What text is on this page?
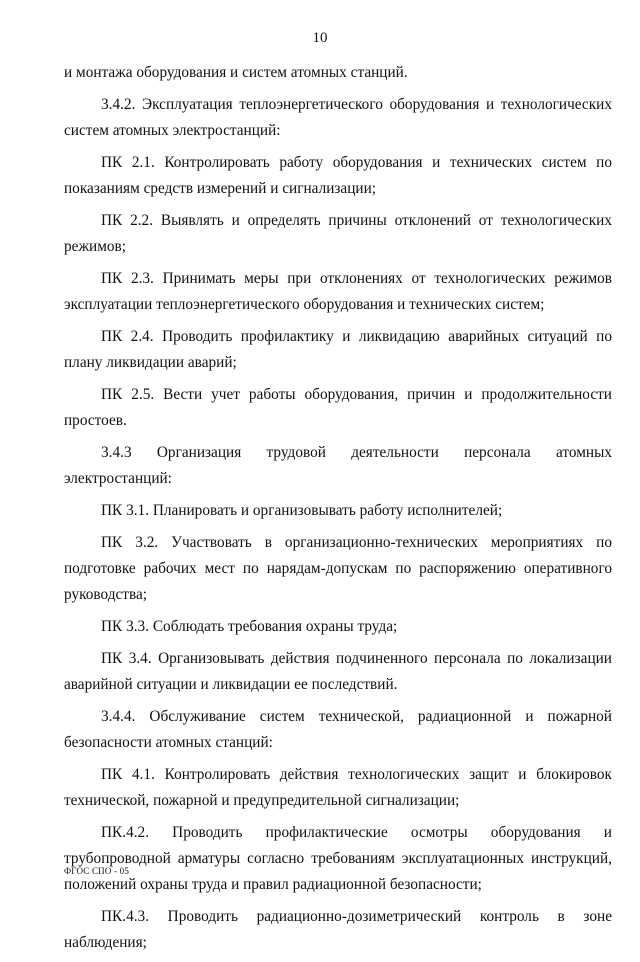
10

и монтажа оборудования и систем атомных станций.

3.4.2. Эксплуатация теплоэнергетического оборудования и технологических систем атомных электростанций:

ПК 2.1. Контролировать работу оборудования и технических систем по показаниям средств измерений и сигнализации;

ПК 2.2. Выявлять и определять причины отклонений от технологических режимов;

ПК 2.3. Принимать меры при отклонениях от технологических режимов эксплуатации теплоэнергетического оборудования и технических систем;

ПК 2.4. Проводить профилактику и ликвидацию аварийных ситуаций по плану ликвидации аварий;

ПК 2.5. Вести учет работы оборудования, причин и продолжительности простоев.

3.4.3 Организация трудовой деятельности персонала атомных электростанций:

ПК 3.1. Планировать и организовывать работу исполнителей;

ПК 3.2. Участвовать в организационно-технических мероприятиях по подготовке рабочих мест по нарядам-допускам по распоряжению оперативного руководства;

ПК 3.3. Соблюдать требования охраны труда;

ПК 3.4. Организовывать действия подчиненного персонала по локализации аварийной ситуации и ликвидации ее последствий.

3.4.4. Обслуживание систем технической, радиационной и пожарной безопасности атомных станций:

ПК 4.1. Контролировать действия технологических защит и блокировок технической, пожарной и предупредительной сигнализации;

ПК.4.2. Проводить профилактические осмотры оборудования и трубопроводной арматуры согласно требованиям эксплуатационных инструкций, положений охраны труда и правил радиационной безопасности;

ПК.4.3. Проводить радиационно-дозиметрический контроль в зоне наблюдения;

ФГОС СПО - 05
